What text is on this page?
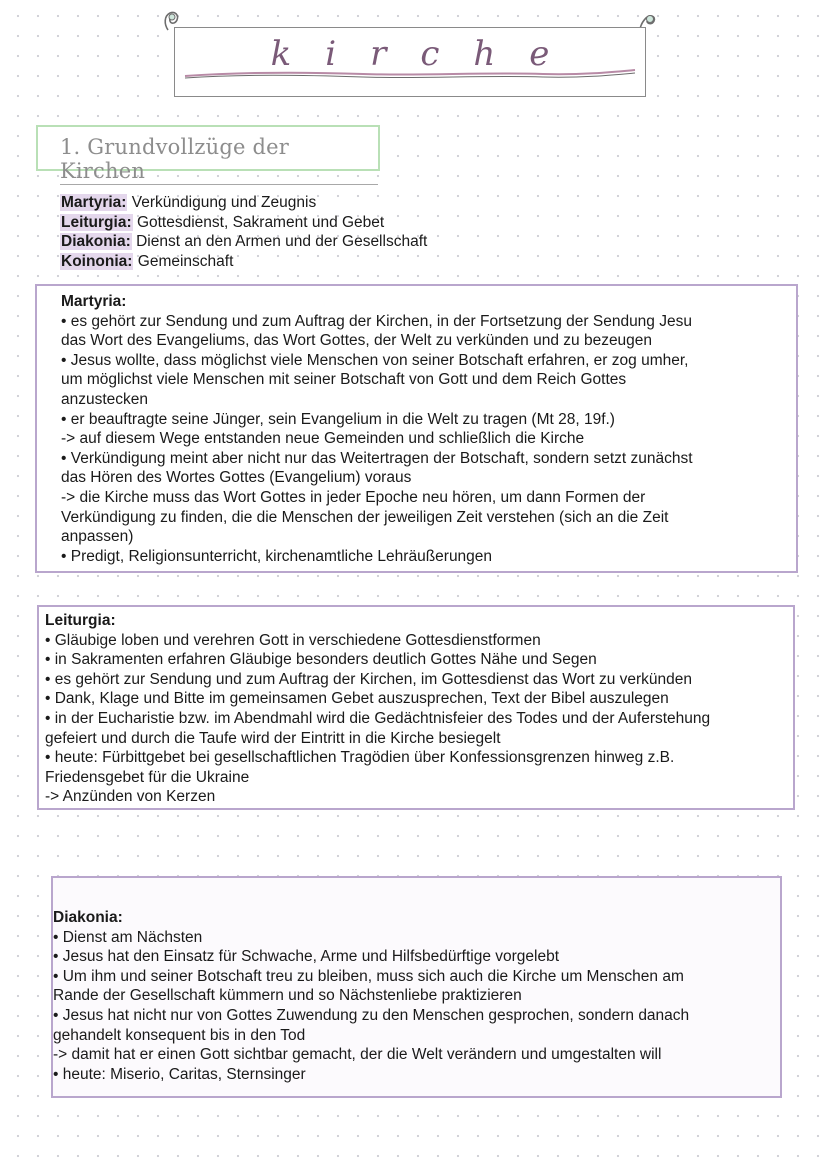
kirche
1. Grundvollzüge der Kirchen
Martyria: Verkündigung und Zeugnis
Leiturgia: Gottesdienst, Sakrament und Gebet
Diakonia: Dienst an den Armen und der Gesellschaft
Koinonia: Gemeinschaft

Martyria:

• es gehört zur Sendung und zum Auftrag der Kirchen, in der Fortsetzung der Sendung Jesu

das Wort des Evangeliums, das Wort Gottes, der Welt zu verkünden und zu bezeugen

• Jesus wollte, dass möglichst viele Menschen von seiner Botschaft erfahren, er zog umher,

um möglichst viele Menschen mit seiner Botschaft von Gott und dem Reich Gottes

anzustecken

• er beauftragte seine Jünger, sein Evangelium in die Welt zu tragen (Mt 28, 19f.)

-> auf diesem Wege entstanden neue Gemeinden und schließlich die Kirche

• Verkündigung meint aber nicht nur das Weitertragen der Botschaft, sondern setzt zunächst

das Hören des Wortes Gottes (Evangelium) voraus

-> die Kirche muss das Wort Gottes in jeder Epoche neu hören, um dann Formen der

Verkündigung zu finden, die die Menschen der jeweiligen Zeit verstehen (sich an die Zeit

anpassen)

• Predigt, Religionsunterricht, kirchenamtliche Lehräußerungen

Leiturgia:

• Gläubige loben und verehren Gott in verschiedene Gottesdienstformen

• in Sakramenten erfahren Gläubige besonders deutlich Gottes Nähe und Segen

• es gehört zur Sendung und zum Auftrag der Kirchen, im Gottesdienst das Wort zu verkünden

• Dank, Klage und Bitte im gemeinsamen Gebet auszusprechen, Text der Bibel auszulegen

• in der Eucharistie bzw. im Abendmahl wird die Gedächtnisfeier des Todes und der Auferstehung

gefeiert und durch die Taufe wird der Eintritt in die Kirche besiegelt

• heute: Fürbittgebet bei gesellschaftlichen Tragödien über Konfessionsgrenzen hinweg z.B.

Friedensgebet für die Ukraine

-> Anzünden von Kerzen

Diakonia:

• Dienst am Nächsten

• Jesus hat den Einsatz für Schwache, Arme und Hilfsbedürftige vorgelebt

• Um ihm und seiner Botschaft treu zu bleiben, muss sich auch die Kirche um Menschen am

Rande der Gesellschaft kümmern und so Nächstenliebe praktizieren

• Jesus hat nicht nur von Gottes Zuwendung zu den Menschen gesprochen, sondern danach

gehandelt konsequent bis in den Tod

-> damit hat er einen Gott sichtbar gemacht, der die Welt verändern und umgestalten will

• heute: Miserio, Caritas, Sternsinger
